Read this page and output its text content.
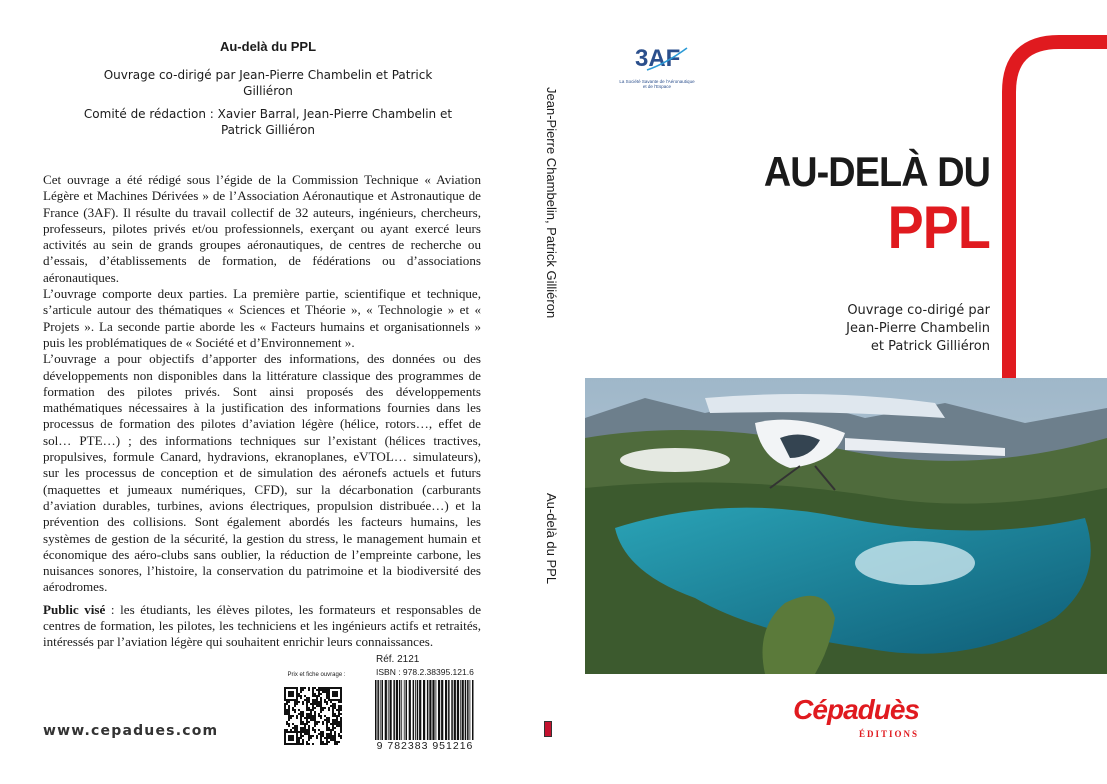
Au-delà du PPL
Ouvrage co-dirigé par Jean-Pierre Chambelin et Patrick Gilliéron
Comité de rédaction : Xavier Barral, Jean-Pierre Chambelin et Patrick Gilliéron

Cet ouvrage a été rédigé sous l’égide de la Commission Technique « Aviation Légère et Machines Dérivées » de l’Association Aéronautique et Astronautique de France (3AF). Il résulte du travail collectif de 32 auteurs, ingénieurs, chercheurs, professeurs, pilotes privés et/ou professionnels, exerçant ou ayant exercé leurs activités au sein de grands groupes aéronautiques, de centres de recherche ou d’essais, d’établissements de formation, de fédérations ou d’associations aéronautiques.

L’ouvrage comporte deux parties. La première partie, scientifique et technique, s’articule autour des thématiques « Sciences et Théorie », « Technologie » et « Projets ». La seconde partie aborde les « Facteurs humains et organisationnels » puis les problématiques de « Société et d’Environnement ».

L’ouvrage a pour objectifs d’apporter des informations, des données ou des développements non disponibles dans la littérature classique des programmes de formation des pilotes privés. Sont ainsi proposés des développements mathématiques nécessaires à la justification des informations fournies dans les processus de formation des pilotes d’aviation légère (hélice, rotors…, effet de sol… PTE…) ; des informations techniques sur l’existant (hélices tractives, propulsives, formule Canard, hydravions, ekranoplanes, eVTOL… simulateurs), sur les processus de conception et de simulation des aéronefs actuels et futurs (maquettes et jumeaux numériques, CFD), sur la décarbonation (carburants d’aviation durables, turbines, avions électriques, propulsion distribuée…) et la prévention des collisions. Sont également abordés les facteurs humains, les systèmes de gestion de la sécurité, la gestion du stress, le management humain et économique des aéro-clubs sans oublier, la réduction de l’empreinte carbone, les nuisances sonores, l’histoire, la conservation du patrimoine et la biodiversité des aérodromes.

Public visé : les étudiants, les élèves pilotes, les formateurs et responsables de centres de formation, les pilotes, les techniciens et les ingénieurs actifs et retraités, intéressés par l’aviation légère qui souhaitent enrichir leurs connaissances.

www.cepadues.com
Prix et fiche ouvrage :
Réf. 2121
ISBN : 978.2.38395.121.6
9 782383 951216
Jean-Pierre Chambelin, Patrick Gilliéron
Au-delà du PPL
3AF
La Société Savante de l'Aéronautique et de l'Espace
AU-DELÀ DU
PPL
Ouvrage co-dirigé par
Jean-Pierre Chambelin
et Patrick Gilliéron
Cépaduès
ÉDITIONS
